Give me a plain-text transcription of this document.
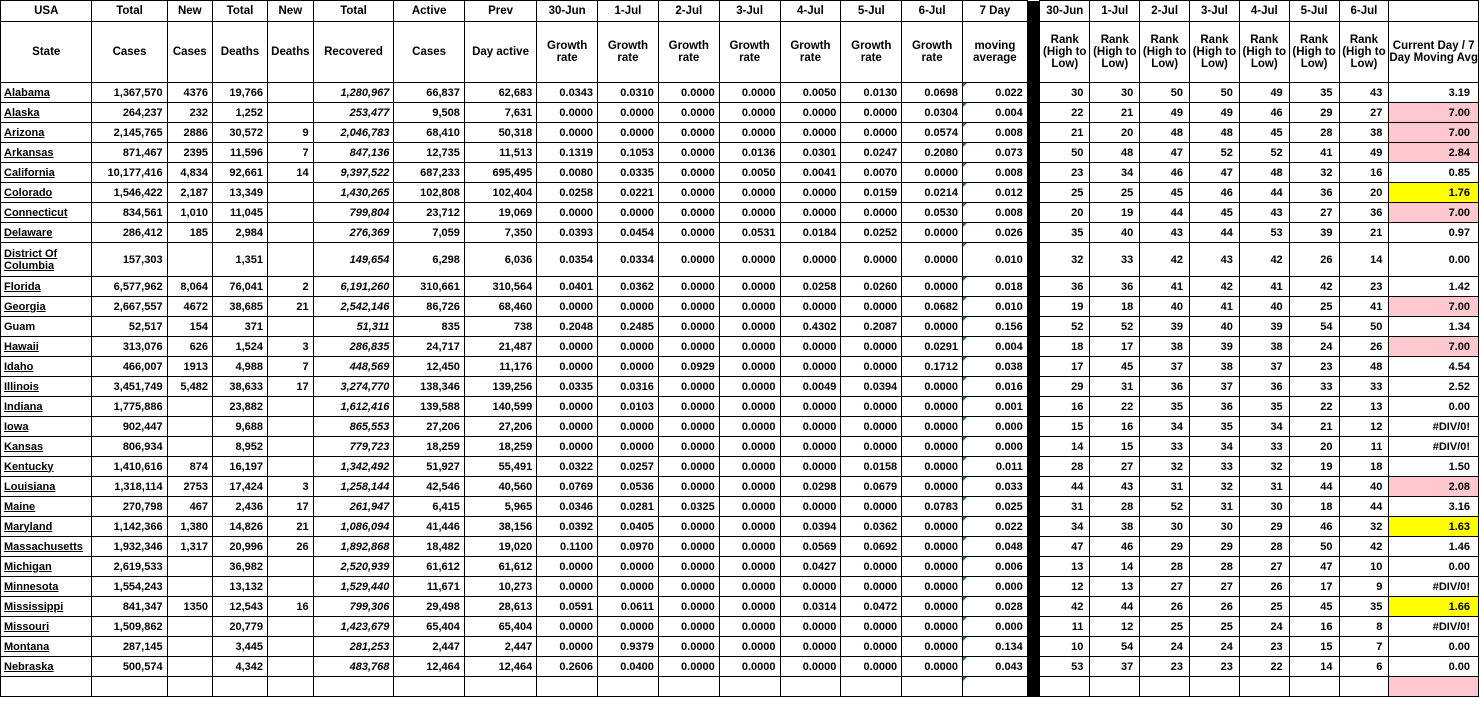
USA	Total	New	Total	New	Total	Active	Prev	30-Jun	1-Jul	2-Jul	3-Jul	4-Jul	5-Jul	6-Jul	7 Day		30-Jun	1-Jul	2-Jul	3-Jul	4-Jul	5-Jul	6-Jul	
State	Cases	Cases	Deaths	Deaths	Recovered	Cases	Day active	Growth rate	Growth rate	Growth rate	Growth rate	Growth rate	Growth rate	Growth rate	moving average		Rank (High to Low)	Rank (High to Low)	Rank (High to Low)	Rank (High to Low)	Rank (High to Low)	Rank (High to Low)	Rank (High to Low)	Current Day / 7 Day Moving Avg
Alabama	1,367,570	4376	19,766		1,280,967	66,837	62,683	0.0343	0.0310	0.0000	0.0000	0.0050	0.0130	0.0698	0.022		30	30	50	50	49	35	43	3.19
Alaska	264,237	232	1,252		253,477	9,508	7,631	0.0000	0.0000	0.0000	0.0000	0.0000	0.0000	0.0304	0.004		22	21	49	49	46	29	27	7.00
Arizona	2,145,765	2886	30,572	9	2,046,783	68,410	50,318	0.0000	0.0000	0.0000	0.0000	0.0000	0.0000	0.0574	0.008		21	20	48	48	45	28	38	7.00
Arkansas	871,467	2395	11,596	7	847,136	12,735	11,513	0.1319	0.1053	0.0000	0.0136	0.0301	0.0247	0.2080	0.073		50	48	47	52	52	41	49	2.84
California	10,177,416	4,834	92,661	14	9,397,522	687,233	695,495	0.0080	0.0335	0.0000	0.0050	0.0041	0.0070	0.0000	0.008		23	34	46	47	48	32	16	0.85
Colorado	1,546,422	2,187	13,349		1,430,265	102,808	102,404	0.0258	0.0221	0.0000	0.0000	0.0000	0.0159	0.0214	0.012		25	25	45	46	44	36	20	1.76
Connecticut	834,561	1,010	11,045		799,804	23,712	19,069	0.0000	0.0000	0.0000	0.0000	0.0000	0.0000	0.0530	0.008		20	19	44	45	43	27	36	7.00
Delaware	286,412	185	2,984		276,369	7,059	7,350	0.0393	0.0454	0.0000	0.0531	0.0184	0.0252	0.0000	0.026		35	40	43	44	53	39	21	0.97
District Of Columbia	157,303		1,351		149,654	6,298	6,036	0.0354	0.0334	0.0000	0.0000	0.0000	0.0000	0.0000	0.010		32	33	42	43	42	26	14	0.00
Florida	6,577,962	8,064	76,041	2	6,191,260	310,661	310,564	0.0401	0.0362	0.0000	0.0000	0.0258	0.0260	0.0000	0.018		36	36	41	42	41	42	23	1.42
Georgia	2,667,557	4672	38,685	21	2,542,146	86,726	68,460	0.0000	0.0000	0.0000	0.0000	0.0000	0.0000	0.0682	0.010		19	18	40	41	40	25	41	7.00
Guam	52,517	154	371		51,311	835	738	0.2048	0.2485	0.0000	0.0000	0.4302	0.2087	0.0000	0.156		52	52	39	40	39	54	50	1.34
Hawaii	313,076	626	1,524	3	286,835	24,717	21,487	0.0000	0.0000	0.0000	0.0000	0.0000	0.0000	0.0291	0.004		18	17	38	39	38	24	26	7.00
Idaho	466,007	1913	4,988	7	448,569	12,450	11,176	0.0000	0.0000	0.0929	0.0000	0.0000	0.0000	0.1712	0.038		17	45	37	38	37	23	48	4.54
Illinois	3,451,749	5,482	38,633	17	3,274,770	138,346	139,256	0.0335	0.0316	0.0000	0.0000	0.0049	0.0394	0.0000	0.016		29	31	36	37	36	33	33	2.52
Indiana	1,775,886		23,882		1,612,416	139,588	140,599	0.0000	0.0103	0.0000	0.0000	0.0000	0.0000	0.0000	0.001		16	22	35	36	35	22	13	0.00
Iowa	902,447		9,688		865,553	27,206	27,206	0.0000	0.0000	0.0000	0.0000	0.0000	0.0000	0.0000	0.000		15	16	34	35	34	21	12	#DIV/0!
Kansas	806,934		8,952		779,723	18,259	18,259	0.0000	0.0000	0.0000	0.0000	0.0000	0.0000	0.0000	0.000		14	15	33	34	33	20	11	#DIV/0!
Kentucky	1,410,616	874	16,197		1,342,492	51,927	55,491	0.0322	0.0257	0.0000	0.0000	0.0000	0.0158	0.0000	0.011		28	27	32	33	32	19	18	1.50
Louisiana	1,318,114	2753	17,424	3	1,258,144	42,546	40,560	0.0769	0.0536	0.0000	0.0000	0.0298	0.0679	0.0000	0.033		44	43	31	32	31	44	40	2.08
Maine	270,798	467	2,436	17	261,947	6,415	5,965	0.0346	0.0281	0.0325	0.0000	0.0000	0.0000	0.0783	0.025		31	28	52	31	30	18	44	3.16
Maryland	1,142,366	1,380	14,826	21	1,086,094	41,446	38,156	0.0392	0.0405	0.0000	0.0000	0.0394	0.0362	0.0000	0.022		34	38	30	30	29	46	32	1.63
Massachusetts	1,932,346	1,317	20,996	26	1,892,868	18,482	19,020	0.1100	0.0970	0.0000	0.0000	0.0569	0.0692	0.0000	0.048		47	46	29	29	28	50	42	1.46
Michigan	2,619,533		36,982		2,520,939	61,612	61,612	0.0000	0.0000	0.0000	0.0000	0.0427	0.0000	0.0000	0.006		13	14	28	28	27	47	10	0.00
Minnesota	1,554,243		13,132		1,529,440	11,671	10,273	0.0000	0.0000	0.0000	0.0000	0.0000	0.0000	0.0000	0.000		12	13	27	27	26	17	9	#DIV/0!
Mississippi	841,347	1350	12,543	16	799,306	29,498	28,613	0.0591	0.0611	0.0000	0.0000	0.0314	0.0472	0.0000	0.028		42	44	26	26	25	45	35	1.66
Missouri	1,509,862		20,779		1,423,679	65,404	65,404	0.0000	0.0000	0.0000	0.0000	0.0000	0.0000	0.0000	0.000		11	12	25	25	24	16	8	#DIV/0!
Montana	287,145		3,445		281,253	2,447	2,447	0.0000	0.9379	0.0000	0.0000	0.0000	0.0000	0.0000	0.134		10	54	24	24	23	15	7	0.00
Nebraska	500,574		4,342		483,768	12,464	12,464	0.2606	0.0400	0.0000	0.0000	0.0000	0.0000	0.0000	0.043		53	37	23	23	22	14	6	0.00
